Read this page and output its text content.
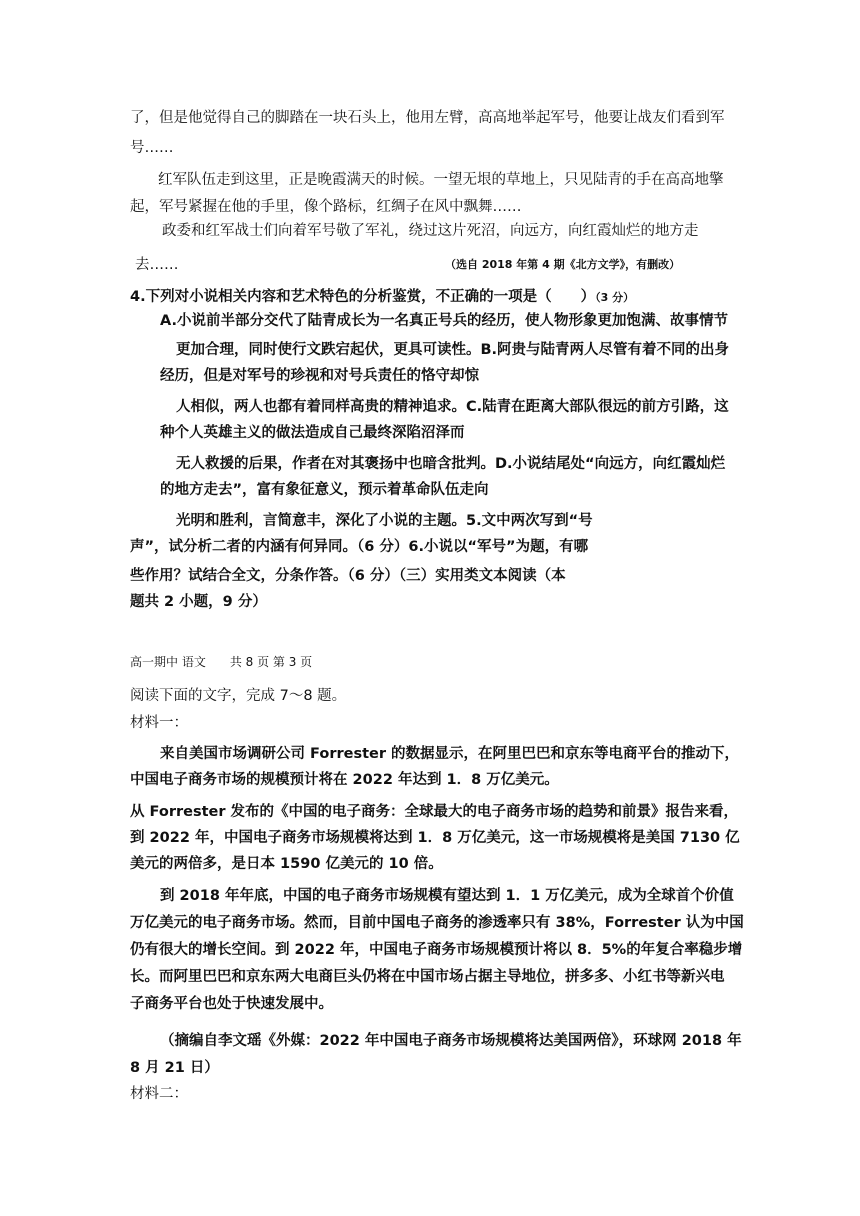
了，但是他觉得自己的脚踏在一块石头上，他用左臂，高高地举起军号，他要让战友们看到军
号……
红军队伍走到这里，正是晚霞满天的时候。一望无垠的草地上，只见陆青的手在高高地擎
起，军号紧握在他的手里，像个路标，红绸子在风中飘舞……
政委和红军战士们向着军号敬了军礼，绕过这片死沼，向远方，向红霞灿烂的地方走
去……	（选自 2018 年第 4 期《北方文学》，有删改）
4.下列对小说相关内容和艺术特色的分析鉴赏，不正确的一项是（　　）（3 分）
A.小说前半部分交代了陆青成长为一名真正号兵的经历，使人物形象更加饱满、故事情节
更加合理，同时使行文跌宕起伏，更具可读性。B.阿贵与陆青两人尽管有着不同的出身
经历，但是对军号的珍视和对号兵责任的恪守却惊
人相似，两人也都有着同样高贵的精神追求。C.陆青在距离大部队很远的前方引路，这
种个人英雄主义的做法造成自己最终深陷沼泽而
无人救援的后果，作者在对其褒扬中也暗含批判。D.小说结尾处“向远方，向红霞灿烂
的地方走去”，富有象征意义，预示着革命队伍走向
光明和胜利，言简意丰，深化了小说的主题。5.文中两次写到“号
声”，试分析二者的内涵有何异同。（6 分）6.小说以“军号”为题，有哪
些作用？试结合全文，分条作答。（6 分）（三）实用类文本阅读（本
题共 2 小题，9 分）
高一期中 语文　　共 8 页 第 3 页
阅读下面的文字，完成 7～8 题。
材料一：
来自美国市场调研公司 Forrester 的数据显示，在阿里巴巴和京东等电商平台的推动下，
中国电子商务市场的规模预计将在 2022 年达到 1．8 万亿美元。
从 Forrester 发布的《中国的电子商务：全球最大的电子商务市场的趋势和前景》报告来看，
到 2022 年，中国电子商务市场规模将达到 1．8 万亿美元，这一市场规模将是美国 7130 亿
美元的两倍多，是日本 1590 亿美元的 10 倍。
到 2018 年年底，中国的电子商务市场规模有望达到 1．1 万亿美元，成为全球首个价值
万亿美元的电子商务市场。然而，目前中国电子商务的渗透率只有 38%，Forrester 认为中国
仍有很大的增长空间。到 2022 年，中国电子商务市场规模预计将以 8．5%的年复合率稳步增
长。而阿里巴巴和京东两大电商巨头仍将在中国市场占据主导地位，拼多多、小红书等新兴电
子商务平台也处于快速发展中。
（摘编自李文瑶《外媒：2022 年中国电子商务市场规模将达美国两倍》，环球网 2018 年
8 月 21 日）
材料二：
